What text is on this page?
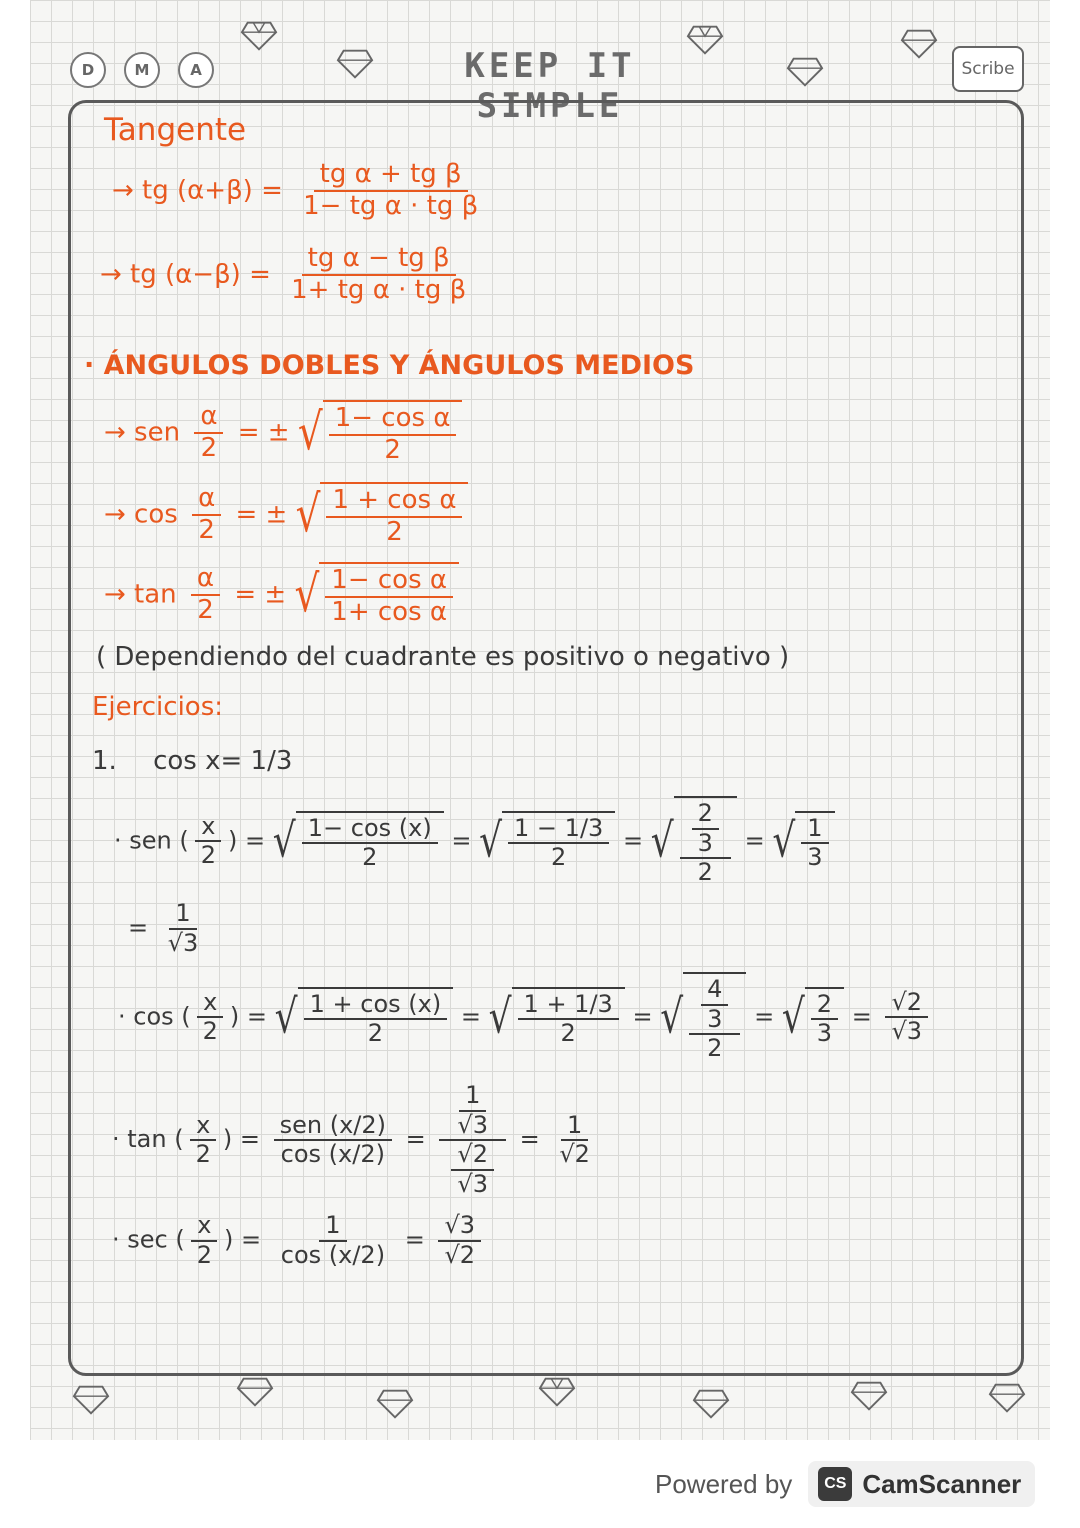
D	M	A	KEEP IT SIMPLE
Scribe
Tangente
→ tg $(\alpha+\beta) = \frac{\text{tg α + tg β}}{\text{1− tg α · tg β}}$
→ tg $(\alpha-\beta) = \frac{\text{tg α − tg β}}{\text{1+ tg α · tg β}}$
· ÁNGULOS DOBLES Y ÁNGULOS MEDIOS
→ sen $\frac{\alpha}{2}$ = ± √ $\frac{\text{1− cos α}}{2}$
→ $\cos \frac{\alpha}{2}$ = ± √ $\frac{\text{1 + cos α}}{2}$
→ $\tan \frac{\alpha}{2}$ = ± √ $\frac{\text{1− cos α}}{\text{1+ cos α}}$
( Dependiendo del cuadrante es positivo o negativo )
Ejercicios:
1. cos x= 1/3
· sen ( $\frac{x}{2}$ ) = √ $\frac{1- \cos (x)}{2}$ = √ $\frac{1 - 1/3}{2}$ = √ $\frac{\frac{2}{3}}{2}$ = √ $\frac{1}{3}$
= $\frac{1}{√3}$
· cos ( $\frac{x}{2}$ ) = √ $\frac{1 + \cos (x)}{2}$ = √ $\frac{1 + 1/3}{2}$ = √ $\frac{\frac{4}{3}}{2}$ = √ $\frac{2}{3} = \frac{√2}{√3}$
· tan ( $\frac{x}{2}$ ) = $\frac{\text{sen (x/2)}}{\cos (x/2)} = \frac{\frac{1}{√3}}{\frac{√2}{√3}} = \frac{1}{√2}$
· sec ( $\frac{x}{2}$ ) = $\frac{1}{\cos (x/2)} = \frac{√3}{√2}$
Powered by	CS CamScanner
